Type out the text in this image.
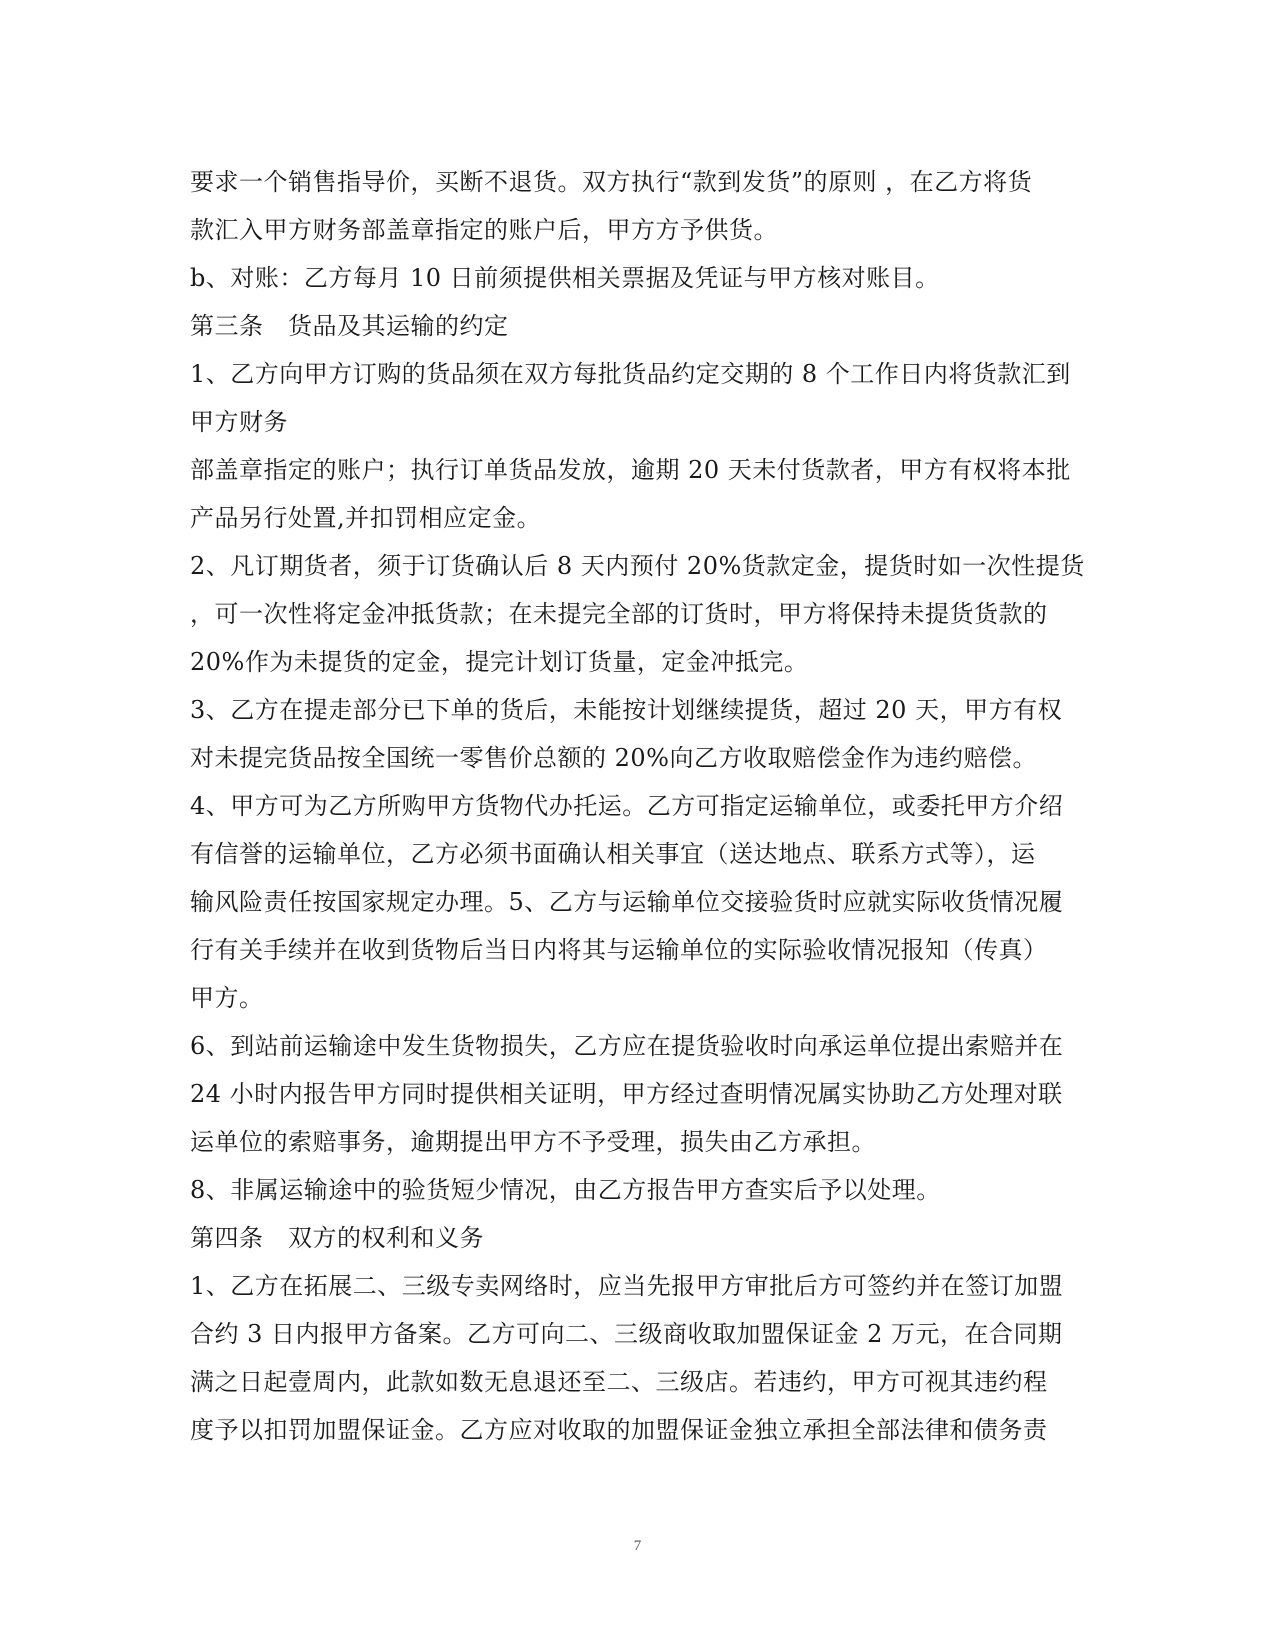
要求一个销售指导价，买断不退货。双方执行“款到发货”的原则 ，在乙方将货
款汇入甲方财务部盖章指定的账户后，甲方方予供货。
b、对账：乙方每月 10 日前须提供相关票据及凭证与甲方核对账目。
第三条　货品及其运输的约定
1、乙方向甲方订购的货品须在双方每批货品约定交期的 8 个工作日内将货款汇到
甲方财务
部盖章指定的账户；执行订单货品发放，逾期 20 天未付货款者，甲方有权将本批
产品另行处置,并扣罚相应定金。
2、凡订期货者，须于订货确认后 8 天内预付 20%货款定金，提货时如一次性提货
，可一次性将定金冲抵货款；在未提完全部的订货时，甲方将保持未提货货款的
20%作为未提货的定金，提完计划订货量，定金冲抵完。
3、乙方在提走部分已下单的货后，未能按计划继续提货，超过 20 天，甲方有权
对未提完货品按全国统一零售价总额的 20%向乙方收取赔偿金作为违约赔偿。
4、甲方可为乙方所购甲方货物代办托运。乙方可指定运输单位，或委托甲方介绍
有信誉的运输单位，乙方必须书面确认相关事宜（送达地点、联系方式等），运
输风险责任按国家规定办理。5、乙方与运输单位交接验货时应就实际收货情况履
行有关手续并在收到货物后当日内将其与运输单位的实际验收情况报知（传真）
甲方。
6、到站前运输途中发生货物损失，乙方应在提货验收时向承运单位提出索赔并在
24 小时内报告甲方同时提供相关证明，甲方经过查明情况属实协助乙方处理对联
运单位的索赔事务，逾期提出甲方不予受理，损失由乙方承担。
8、非属运输途中的验货短少情况，由乙方报告甲方查实后予以处理。
第四条　双方的权利和义务
1、乙方在拓展二、三级专卖网络时，应当先报甲方审批后方可签约并在签订加盟
合约 3 日内报甲方备案。乙方可向二、三级商收取加盟保证金 2 万元，在合同期
满之日起壹周内，此款如数无息退还至二、三级店。若违约，甲方可视其违约程
度予以扣罚加盟保证金。乙方应对收取的加盟保证金独立承担全部法律和债务责
7
